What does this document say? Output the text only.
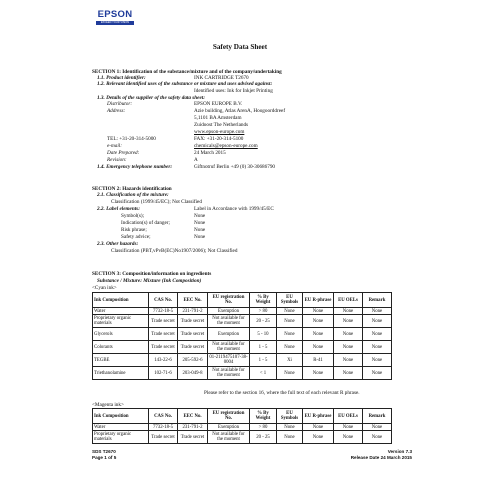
EPSON
EXCEED YOUR VISION
Safety Data Sheet
SECTION 1: Identification of the substance/mixture and of the company/undertaking
1.1. Product identifier:	INK CARTRIDGE T2670
1.2. Relevant identified uses of the substance or mixture and uses advised against:
Identified uses: Ink for Inkjet Printing
1.3. Details of the supplier of the safety data sheet:
Distributor:	EPSON EUROPE B.V.
Address:	Azie building, Atlas ArenA, Hoogoorddreef
5,1101 BA Amsterdam
Zuidoost The Netherlands
www.epson-europe.com
TEL: +31-20-314-5000	FAX: +31-20-314-5100
e-mail:	chemicals@epson-europe.com
Date Prepared:	24 March 2015
Revision:	A
1.4. Emergency telephone number:	Giftnotruf Berlin +49 (0) 30-30686790
SECTION 2: Hazards identification
2.1. Classification of the mixture:
Classification (1999/45/EC); Not Classified
2.2. Label elements:	Label in Accordance with 1999/45/EC
Symbol(s);	None
Indication(s) of danger;	None
Risk phrase;	None
Safety advice;	None
2.3. Other hazards:
Classification (PBT,vPvB(EC)No1907/2006); Not Classified
SECTION 3: Composition/information on ingredients
Substance / Mixture: Mixture (Ink Composition)
<Cyan ink>
Ink Composition	CAS No.	EEC No.	EU registration No.	% By Weight	EU Symbols	EU R-phrase	EU OELs	Remark
Water	7732-18-5	231-791-2	Exemption	> 80	None	None	None	None
Proprietary organic materials	Trade secret	Trade secret	Not available for the moment	20 - 25	None	None	None	None
Glycerols	Trade secret	Trade secret	Exemption	5 - 10	None	None	None	None
Colorants	Trade secret	Trade secret	Not available for the moment	1 - 5	None	None	None	None
TEGBE	143-22-6	205-592-6	01-2119475107-38-0004	1 - 5	Xi	R-41	None	None
Triethanolamine	102-71-6	203-049-8	Not available for the moment	< 1	None	None	None	None
Please refer to the section 16, where the full text of each relevant R phrase.
<Magenta ink>
Ink Composition	CAS No.	EEC No.	EU registration No.	% By Weight	EU Symbols	EU R-phrase	EU OELs	Remark
Water	7732-18-5	231-791-2	Exemption	> 80	None	None	None	None
Proprietary organic materials	Trade secret	Trade secret	Not available for the moment	20 - 25	None	None	None	None
SDS T2670
Page 1 of 5
Version 7.3
Release Date 24 March 2015
